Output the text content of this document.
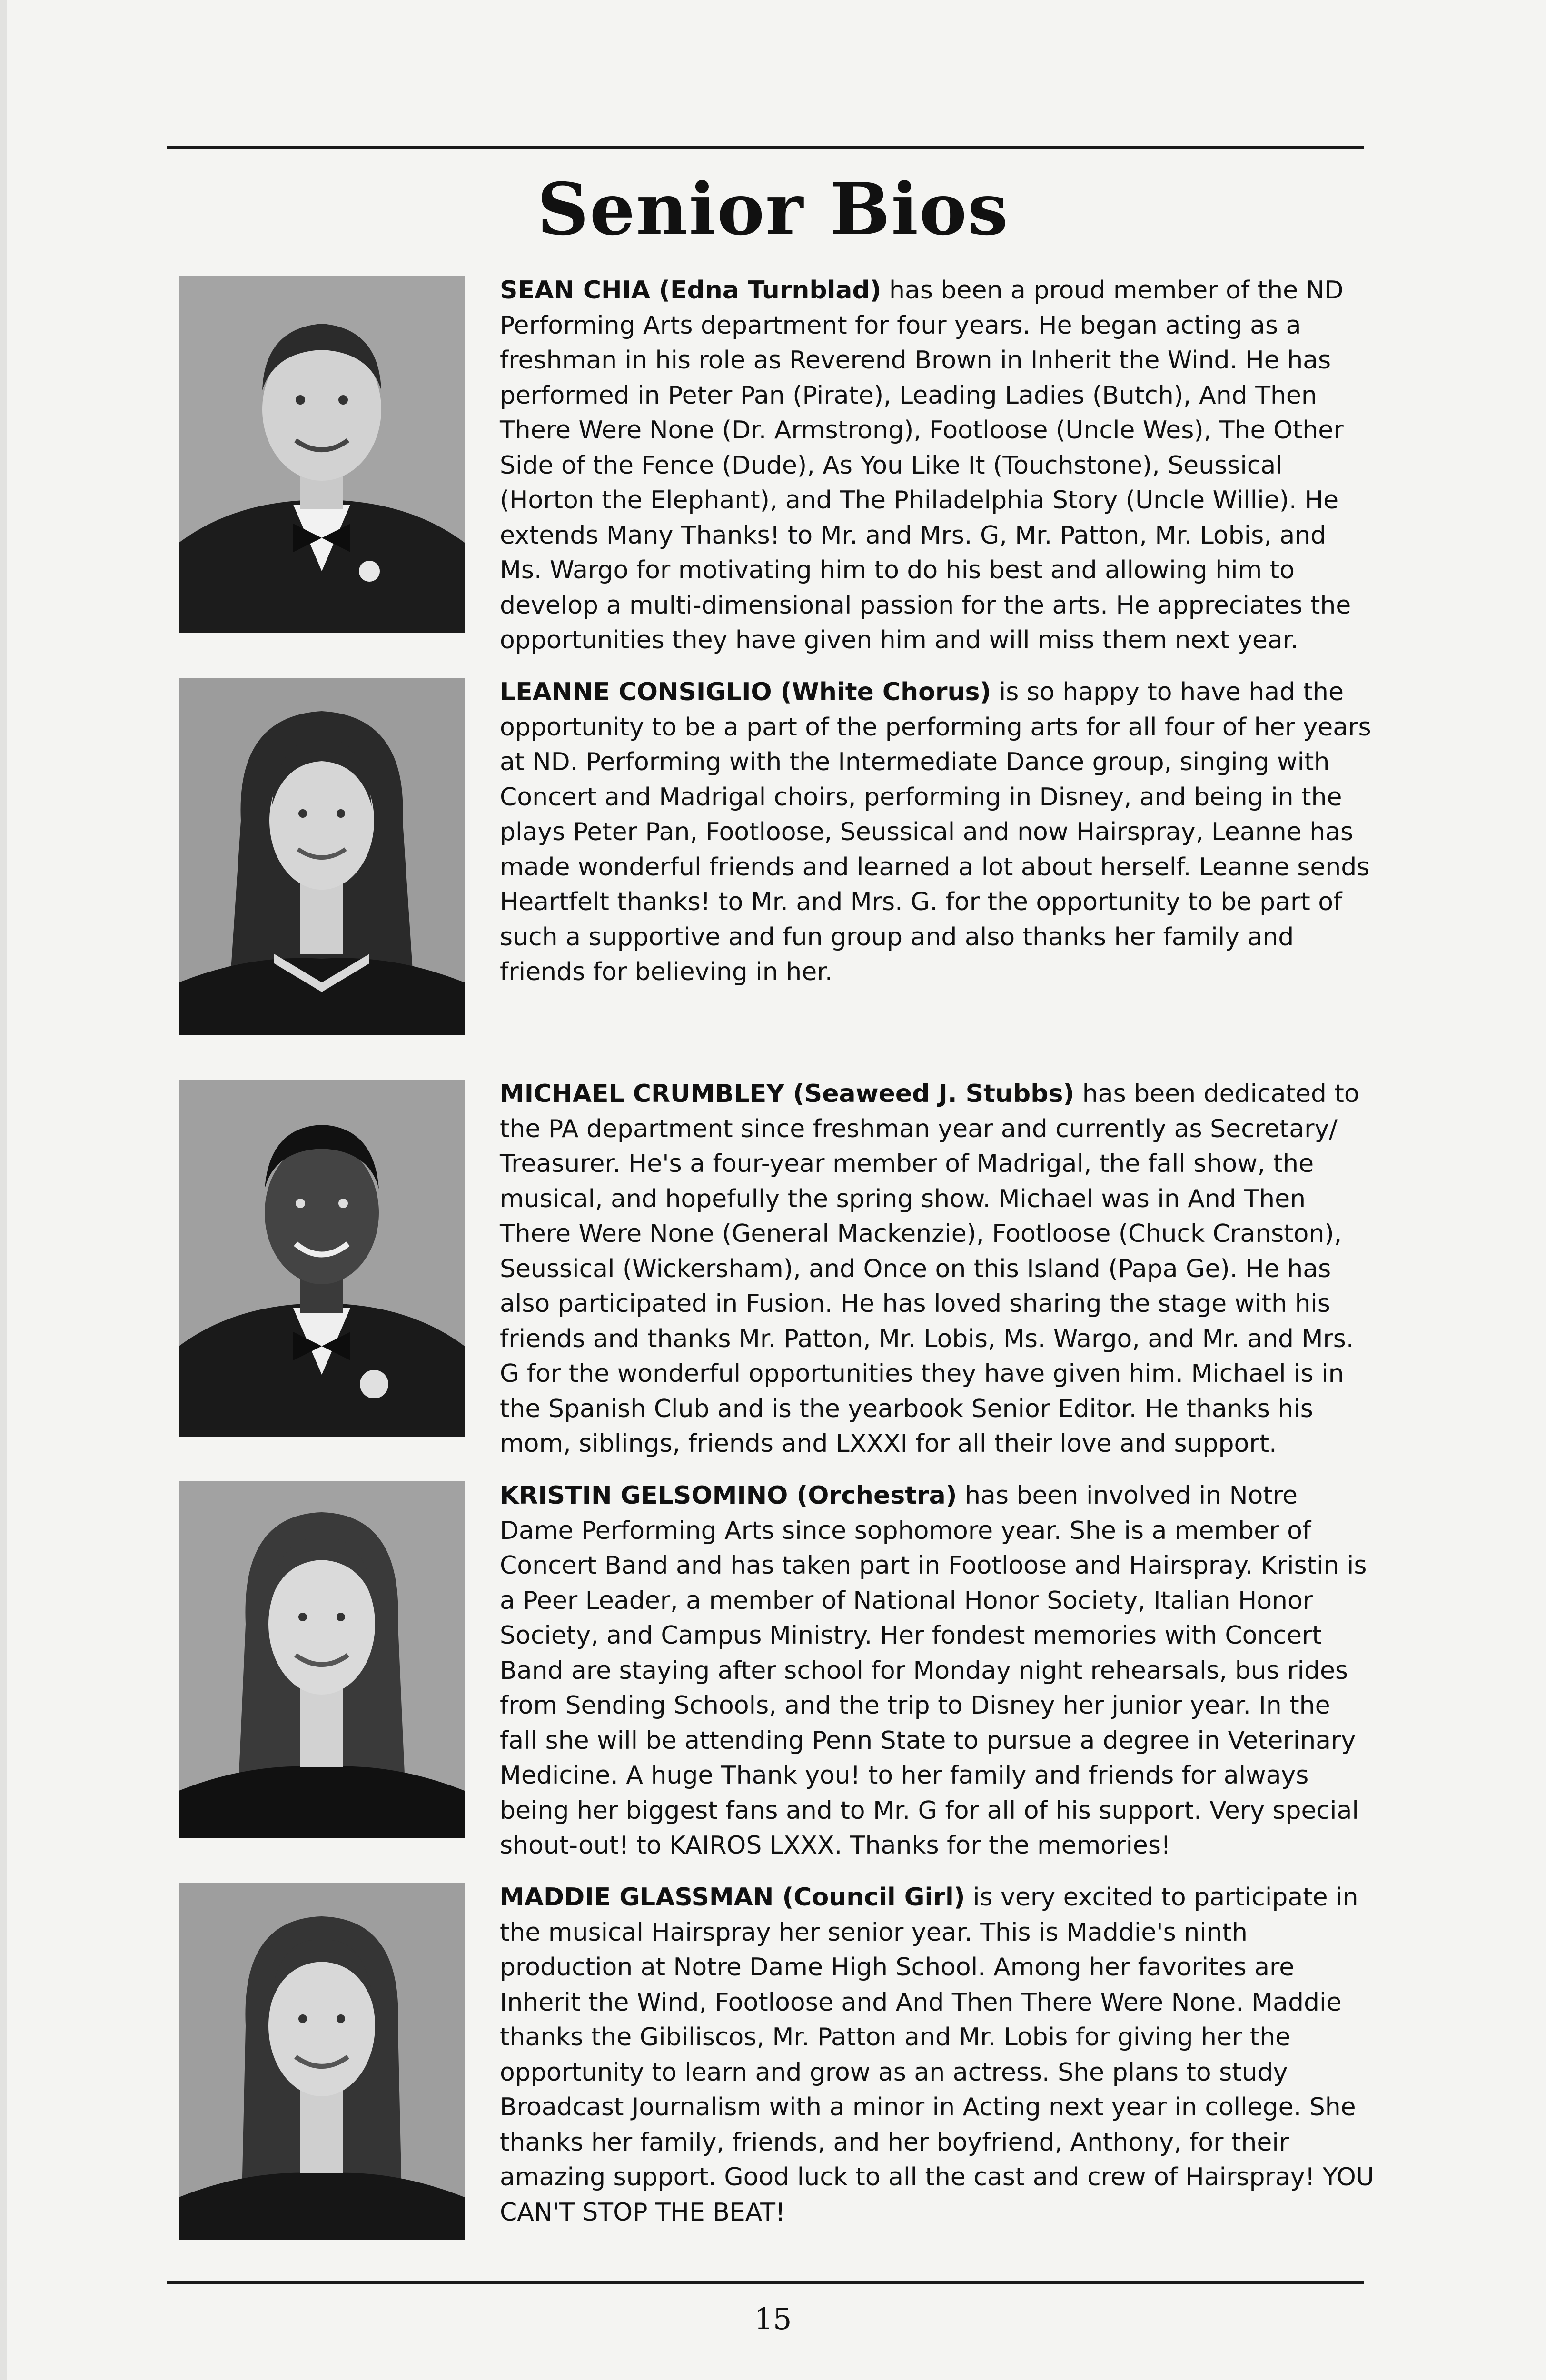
Senior Bios
SEAN CHIA (Edna Turnblad) has been a proud member of the ND Performing Arts department for four years. He began acting as a freshman in his role as Reverend Brown in Inherit the Wind. He has performed in Peter Pan (Pirate), Leading Ladies (Butch), And Then There Were None (Dr. Armstrong), Footloose (Uncle Wes), The Other Side of the Fence (Dude), As You Like It (Touchstone), Seussical (Horton the Elephant), and The Philadelphia Story (Uncle Willie). He extends Many Thanks! to Mr. and Mrs. G, Mr. Patton, Mr. Lobis, and Ms. Wargo for motivating him to do his best and allowing him to develop a multi-dimensional passion for the arts. He appreciates the opportunities they have given him and will miss them next year.
LEANNE CONSIGLIO (White Chorus) is so happy to have had the opportunity to be a part of the performing arts for all four of her years at ND. Performing with the Intermediate Dance group, singing with Concert and Madrigal choirs, performing in Disney, and being in the plays Peter Pan, Footloose, Seussical and now Hairspray, Leanne has made wonderful friends and learned a lot about herself. Leanne sends Heartfelt thanks! to Mr. and Mrs. G. for the opportunity to be part of such a supportive and fun group and also thanks her family and friends for believing in her.
MICHAEL CRUMBLEY (Seaweed J. Stubbs) has been dedicated to the PA department since freshman year and currently as Secretary/ Treasurer. He's a four-year member of Madrigal, the fall show, the musical, and hopefully the spring show. Michael was in And Then There Were None (General Mackenzie), Footloose (Chuck Cranston), Seussical (Wickersham), and Once on this Island (Papa Ge). He has also participated in Fusion. He has loved sharing the stage with his friends and thanks Mr. Patton, Mr. Lobis, Ms. Wargo, and Mr. and Mrs. G for the wonderful opportunities they have given him. Michael is in the Spanish Club and is the yearbook Senior Editor. He thanks his mom, siblings, friends and LXXXI for all their love and support.
KRISTIN GELSOMINO (Orchestra) has been involved in Notre Dame Performing Arts since sophomore year. She is a member of Concert Band and has taken part in Footloose and Hairspray. Kristin is a Peer Leader, a member of National Honor Society, Italian Honor Society, and Campus Ministry. Her fondest memories with Concert Band are staying after school for Monday night rehearsals, bus rides from Sending Schools, and the trip to Disney her junior year. In the fall she will be attending Penn State to pursue a degree in Veterinary Medicine. A huge Thank you! to her family and friends for always being her biggest fans and to Mr. G for all of his support. Very special shout-out! to KAIROS LXXX. Thanks for the memories!
MADDIE GLASSMAN (Council Girl) is very excited to participate in the musical Hairspray her senior year. This is Maddie's ninth production at Notre Dame High School. Among her favorites are Inherit the Wind, Footloose and And Then There Were None. Maddie thanks the Gibiliscos, Mr. Patton and Mr. Lobis for giving her the opportunity to learn and grow as an actress. She plans to study Broadcast Journalism with a minor in Acting next year in college. She thanks her family, friends, and her boyfriend, Anthony, for their amazing support. Good luck to all the cast and crew of Hairspray! YOU CAN'T STOP THE BEAT!
15
